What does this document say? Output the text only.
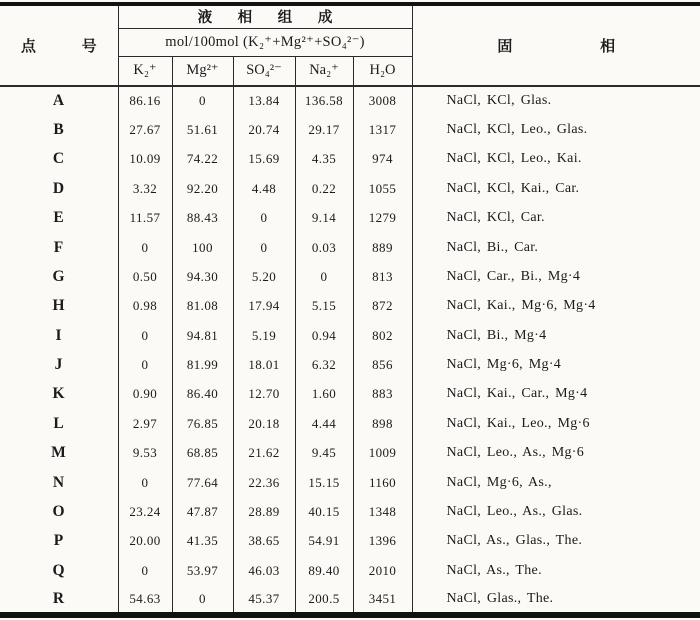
点 号	液 相 组 成					固 相
	mol/100mol (K₂⁺+Mg²⁺+SO₄²⁻)					
	K₂⁺	Mg²⁺	SO₄²⁻	Na₂⁺	H₂O	
A	86.16	0	13.84	136.58	3008	NaCl, KCl, Glas.
B	27.67	51.61	20.74	29.17	1317	NaCl, KCl, Leo., Glas.
C	10.09	74.22	15.69	4.35	974	NaCl, KCl, Leo., Kai.
D	3.32	92.20	4.48	0.22	1055	NaCl, KCl, Kai., Car.
E	11.57	88.43	0	9.14	1279	NaCl, KCl, Car.
F	0	100	0	0.03	889	NaCl, Bi., Car.
G	0.50	94.30	5.20	0	813	NaCl, Car., Bi., Mg·4
H	0.98	81.08	17.94	5.15	872	NaCl, Kai., Mg·6, Mg·4
I	0	94.81	5.19	0.94	802	NaCl, Bi., Mg·4
J	0	81.99	18.01	6.32	856	NaCl, Mg·6, Mg·4
K	0.90	86.40	12.70	1.60	883	NaCl, Kai., Car., Mg·4
L	2.97	76.85	20.18	4.44	898	NaCl, Kai., Leo., Mg·6
M	9.53	68.85	21.62	9.45	1009	NaCl, Leo., As., Mg·6
N	0	77.64	22.36	15.15	1160	NaCl, Mg·6, As.,
O	23.24	47.87	28.89	40.15	1348	NaCl, Leo., As., Glas.
P	20.00	41.35	38.65	54.91	1396	NaCl, As., Glas., The.
Q	0	53.97	46.03	89.40	2010	NaCl, As., The.
R	54.63	0	45.37	200.5	3451	NaCl, Glas., The.
